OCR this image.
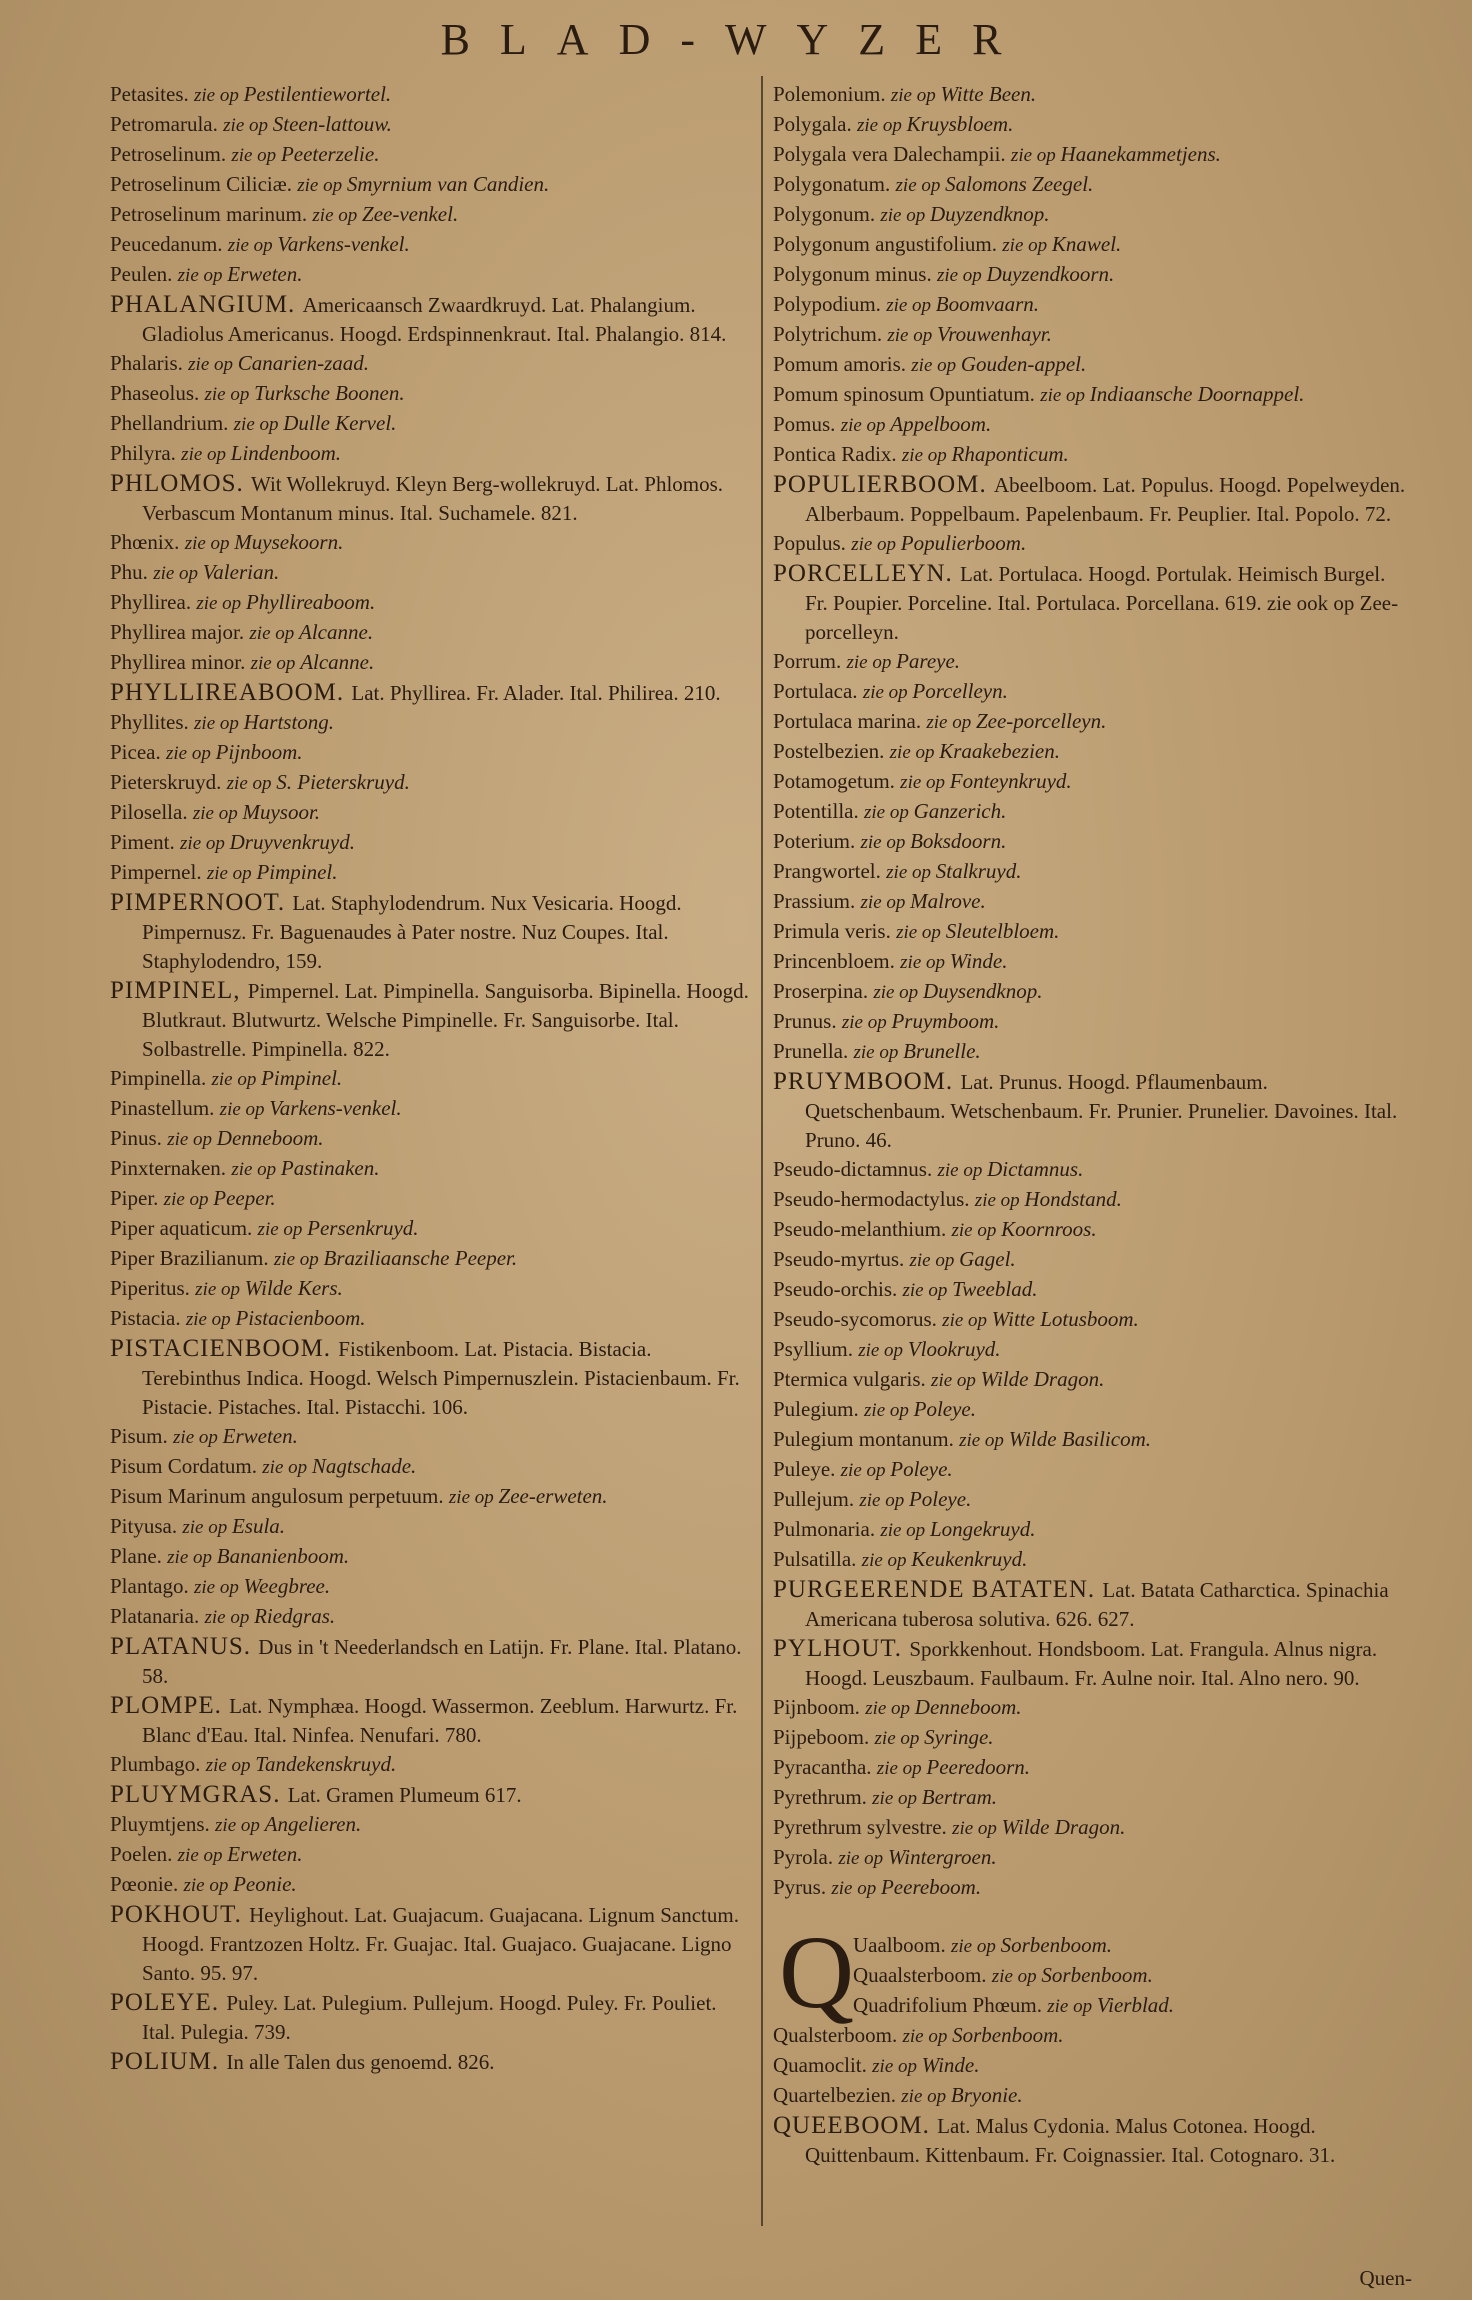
BLAD-WYZER
Petasites. zie op Pestilentiewortel.
Petromarula. zie op Steen-lattouw.
Petroselinum. zie op Peeterzelie.
Petroselinum Ciliciæ. zie op Smyrnium van Candien.
Petroselinum marinum. zie op Zee-venkel.
Peucedanum. zie op Varkens-venkel.
Peulen. zie op Erweten.
PHALANGIUM. Americaansch Zwaardkruyd. Lat. Phalangium. Gladiolus Americanus. Hoogd. Erdspinnenkraut. Ital. Phalangio. 814.
Phalaris. zie op Canarien-zaad.
Phaseolus. zie op Turksche Boonen.
Phellandrium. zie op Dulle Kervel.
Philyra. zie op Lindenboom.
PHLOMOS. Wit Wollekruyd. Kleyn Berg-wollekruyd. Lat. Phlomos. Verbascum Montanum minus. Ital. Suchamele. 821.
Phœnix. zie op Muysekoorn.
Phu. zie op Valerian.
Phyllirea. zie op Phyllireaboom.
Phyllirea major. zie op Alcanne.
Phyllirea minor. zie op Alcanne.
PHYLLIREABOOM. Lat. Phyllirea. Fr. Alader. Ital. Philirea. 210.
Phyllites. zie op Hartstong.
Picea. zie op Pijnboom.
Pieterskruyd. zie op S. Pieterskruyd.
Pilosella. zie op Muysoor.
Piment. zie op Druyvenkruyd.
Pimpernel. zie op Pimpinel.
PIMPERNOOT. Lat. Staphylodendrum. Nux Vesicaria. Hoogd. Pimpernusz. Fr. Baguenaudes à Pater nostre. Nuz Coupes. Ital. Staphylodendro, 159.
PIMPINEL, Pimpernel. Lat. Pimpinella. Sanguisorba. Bipinella. Hoogd. Blutkraut. Blutwurtz. Welsche Pimpinelle. Fr. Sanguisorbe. Ital. Solbastrelle. Pimpinella. 822.
Pimpinella. zie op Pimpinel.
Pinastellum. zie op Varkens-venkel.
Pinus. zie op Denneboom.
Pinxternaken. zie op Pastinaken.
Piper. zie op Peeper.
Piper aquaticum. zie op Persenkruyd.
Piper Brazilianum. zie op Braziliaansche Peeper.
Piperitus. zie op Wilde Kers.
Pistacia. zie op Pistacienboom.
PISTACIENBOOM. Fistikenboom. Lat. Pistacia. Bistacia. Terebinthus Indica. Hoogd. Welsch Pimpernuszlein. Pistacienbaum. Fr. Pistacie. Pistaches. Ital. Pistacchi. 106.
Pisum. zie op Erweten.
Pisum Cordatum. zie op Nagtschade.
Pisum Marinum angulosum perpetuum. zie op Zee-erweten.
Pityusa. zie op Esula.
Plane. zie op Bananienboom.
Plantago. zie op Weegbree.
Platanaria. zie op Riedgras.
PLATANUS. Dus in 't Neederlandsch en Latijn. Fr. Plane. Ital. Platano. 58.
PLOMPE. Lat. Nymphæa. Hoogd. Wassermon. Zeeblum. Harwurtz. Fr. Blanc d'Eau. Ital. Ninfea. Nenufari. 780.
Plumbago. zie op Tandekenskruyd.
PLUYMGRAS. Lat. Gramen Plumeum 617.
Pluymtjens. zie op Angelieren.
Poelen. zie op Erweten.
Pœonie. zie op Peonie.
POKHOUT. Heylighout. Lat. Guajacum. Guajacana. Lignum Sanctum. Hoogd. Frantzozen Holtz. Fr. Guajac. Ital. Guajaco. Guajacane. Ligno Santo. 95. 97.
POLEYE. Puley. Lat. Pulegium. Pullejum. Hoogd. Puley. Fr. Pouliet. Ital. Pulegia. 739.
POLIUM. In alle Talen dus genoemd. 826.
Polemonium. zie op Witte Been.
Polygala. zie op Kruysbloem.
Polygala vera Dalechampii. zie op Haanekammetjens.
Polygonatum. zie op Salomons Zeegel.
Polygonum. zie op Duyzendknop.
Polygonum angustifolium. zie op Knawel.
Polygonum minus. zie op Duyzendkoorn.
Polypodium. zie op Boomvaarn.
Polytrichum. zie op Vrouwenhayr.
Pomum amoris. zie op Gouden-appel.
Pomum spinosum Opuntiatum. zie op Indiaansche Doornappel.
Pomus. zie op Appelboom.
Pontica Radix. zie op Rhaponticum.
POPULIERBOOM. Abeelboom. Lat. Populus. Hoogd. Popelweyden. Alberbaum. Poppelbaum. Papelenbaum. Fr. Peuplier. Ital. Popolo. 72.
Populus. zie op Populierboom.
PORCELLEYN. Lat. Portulaca. Hoogd. Portulak. Heimisch Burgel. Fr. Poupier. Porceline. Ital. Portulaca. Porcellana. 619. zie ook op Zee-porcelleyn.
Porrum. zie op Pareye.
Portulaca. zie op Porcelleyn.
Portulaca marina. zie op Zee-porcelleyn.
Postelbezien. zie op Kraakebezien.
Potamogetum. zie op Fonteynkruyd.
Potentilla. zie op Ganzerich.
Poterium. zie op Boksdoorn.
Prangwortel. zie op Stalkruyd.
Prassium. zie op Malrove.
Primula veris. zie op Sleutelbloem.
Princenbloem. zie op Winde.
Proserpina. zie op Duysendknop.
Prunus. zie op Pruymboom.
Prunella. zie op Brunelle.
PRUYMBOOM. Lat. Prunus. Hoogd. Pflaumenbaum. Quetschenbaum. Wetschenbaum. Fr. Prunier. Prunelier. Davoines. Ital. Pruno. 46.
Pseudo-dictamnus. zie op Dictamnus.
Pseudo-hermodactylus. zie op Hondstand.
Pseudo-melanthium. zie op Koornroos.
Pseudo-myrtus. zie op Gagel.
Pseudo-orchis. zie op Tweeblad.
Pseudo-sycomorus. zie op Witte Lotusboom.
Psyllium. zie op Vlookruyd.
Ptermica vulgaris. zie op Wilde Dragon.
Pulegium. zie op Poleye.
Pulegium montanum. zie op Wilde Basilicom.
Puleye. zie op Poleye.
Pullejum. zie op Poleye.
Pulmonaria. zie op Longekruyd.
Pulsatilla. zie op Keukenkruyd.
PURGEERENDE BATATEN. Lat. Batata Catharctica. Spinachia Americana tuberosa solutiva. 626. 627.
PYLHOUT. Sporkkenhout. Hondsboom. Lat. Frangula. Alnus nigra. Hoogd. Leuszbaum. Faulbaum. Fr. Aulne noir. Ital. Alno nero. 90.
Pijnboom. zie op Denneboom.
Pijpeboom. zie op Syringe.
Pyracantha. zie op Peeredoorn.
Pyrethrum. zie op Bertram.
Pyrethrum sylvestre. zie op Wilde Dragon.
Pyrola. zie op Wintergroen.
Pyrus. zie op Peereboom.
Q
Uaalboom. zie op Sorbenboom.
Quaalsterboom. zie op Sorbenboom.
Quadrifolium Phœum. zie op Vierblad.
Qualsterboom. zie op Sorbenboom.
Quamoclit. zie op Winde.
Quartelbezien. zie op Bryonie.
QUEEBOOM. Lat. Malus Cydonia. Malus Cotonea. Hoogd. Quittenbaum. Kittenbaum. Fr. Coignassier. Ital. Cotognaro. 31.
Quen-
